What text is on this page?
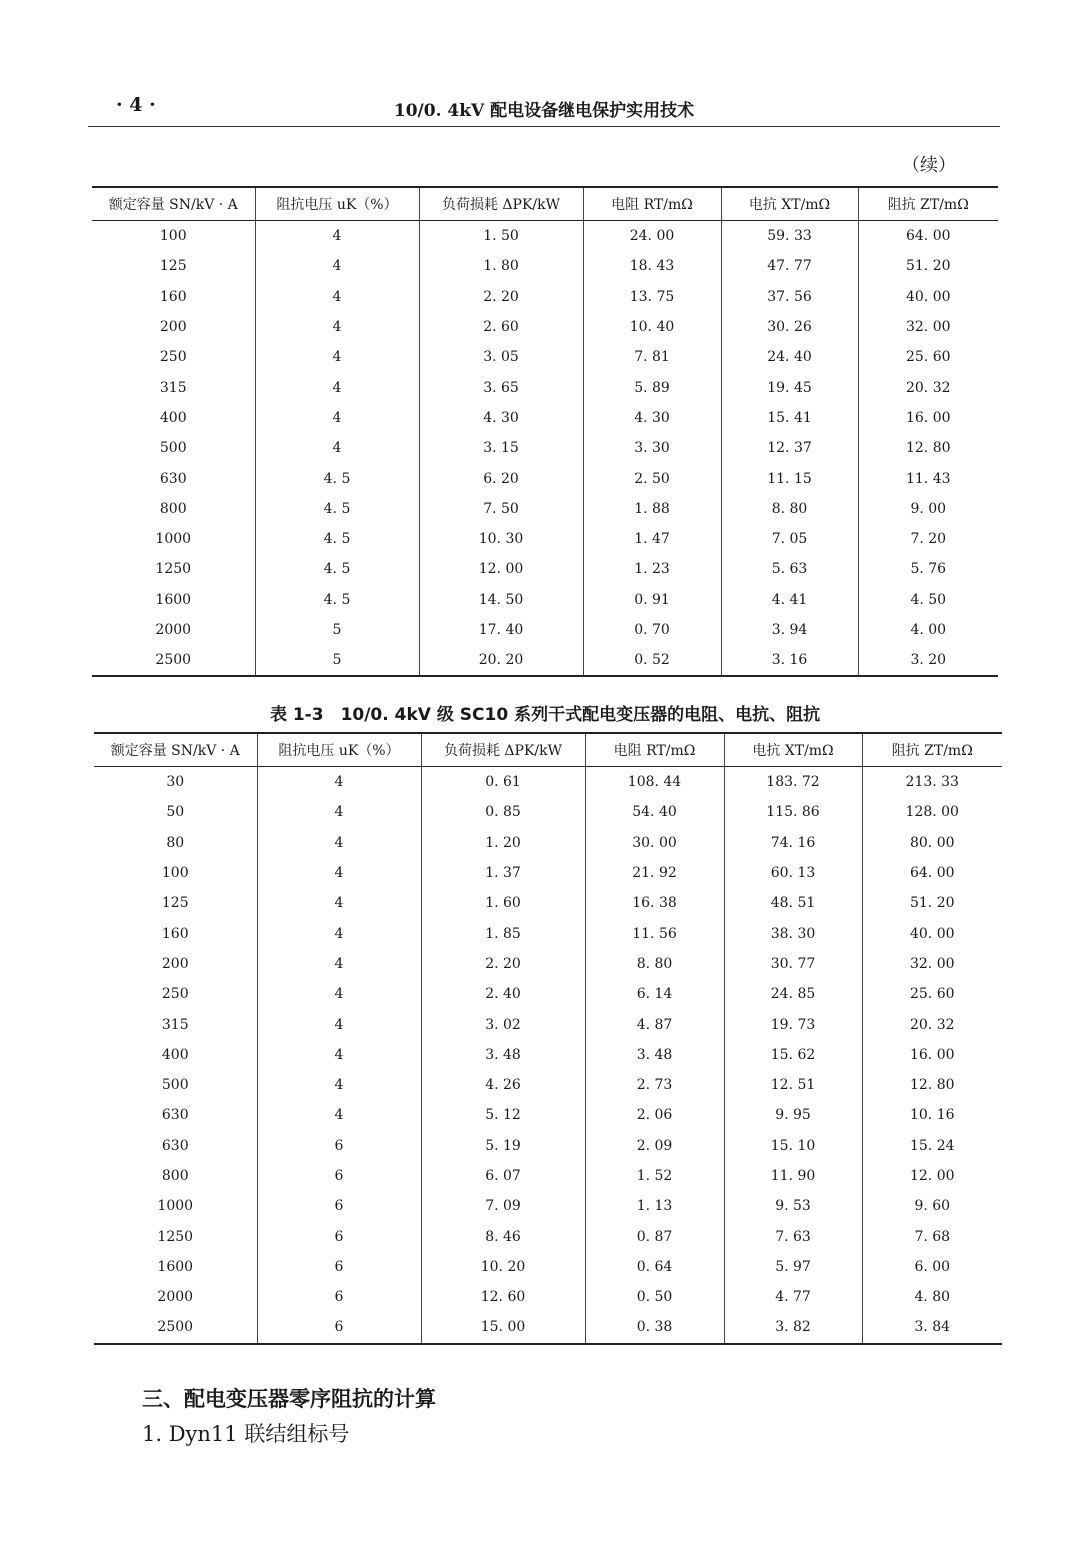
· 4 ·	10/0. 4kV 配电设备继电保护实用技术
（续）
额定容量 SN/kV · A	阻抗电压 uK（%）	负荷损耗 ΔPK/kW	电阻 RT/mΩ	电抗 XT/mΩ	阻抗 ZT/mΩ
100	4	1. 50	24. 00	59. 33	64. 00
125	4	1. 80	18. 43	47. 77	51. 20
160	4	2. 20	13. 75	37. 56	40. 00
200	4	2. 60	10. 40	30. 26	32. 00
250	4	3. 05	7. 81	24. 40	25. 60
315	4	3. 65	5. 89	19. 45	20. 32
400	4	4. 30	4. 30	15. 41	16. 00
500	4	3. 15	3. 30	12. 37	12. 80
630	4. 5	6. 20	2. 50	11. 15	11. 43
800	4. 5	7. 50	1. 88	8. 80	9. 00
1000	4. 5	10. 30	1. 47	7. 05	7. 20
1250	4. 5	12. 00	1. 23	5. 63	5. 76
1600	4. 5	14. 50	0. 91	4. 41	4. 50
2000	5	17. 40	0. 70	3. 94	4. 00
2500	5	20. 20	0. 52	3. 16	3. 20
表 1-3　10/0. 4kV 级 SC10 系列干式配电变压器的电阻、电抗、阻抗
额定容量 SN/kV · A	阻抗电压 uK（%）	负荷损耗 ΔPK/kW	电阻 RT/mΩ	电抗 XT/mΩ	阻抗 ZT/mΩ
30	4	0. 61	108. 44	183. 72	213. 33
50	4	0. 85	54. 40	115. 86	128. 00
80	4	1. 20	30. 00	74. 16	80. 00
100	4	1. 37	21. 92	60. 13	64. 00
125	4	1. 60	16. 38	48. 51	51. 20
160	4	1. 85	11. 56	38. 30	40. 00
200	4	2. 20	8. 80	30. 77	32. 00
250	4	2. 40	6. 14	24. 85	25. 60
315	4	3. 02	4. 87	19. 73	20. 32
400	4	3. 48	3. 48	15. 62	16. 00
500	4	4. 26	2. 73	12. 51	12. 80
630	4	5. 12	2. 06	9. 95	10. 16
630	6	5. 19	2. 09	15. 10	15. 24
800	6	6. 07	1. 52	11. 90	12. 00
1000	6	7. 09	1. 13	9. 53	9. 60
1250	6	8. 46	0. 87	7. 63	7. 68
1600	6	10. 20	0. 64	5. 97	6. 00
2000	6	12. 60	0. 50	4. 77	4. 80
2500	6	15. 00	0. 38	3. 82	3. 84
三、配电变压器零序阻抗的计算
1. Dyn11 联结组标号
